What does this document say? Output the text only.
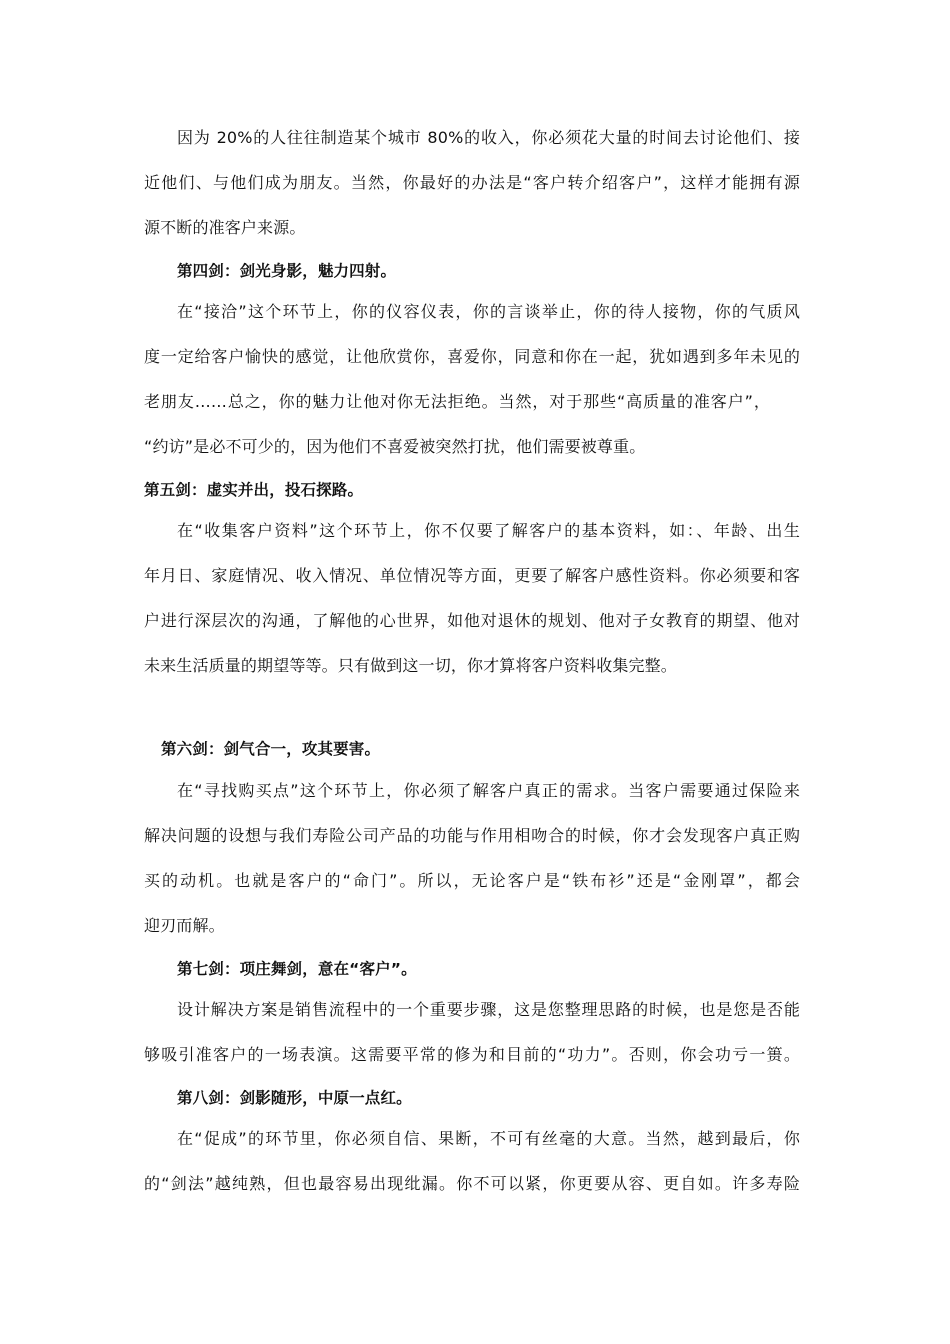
因为 20%的人往往制造某个城市 80%的收入，你必须花大量的时间去讨论他们、接
近他们、与他们成为朋友。当然，你最好的办法是“客户转介绍客户”，这样才能拥有源
源不断的准客户来源。
第四剑：剑光身影，魅力四射。
在“接洽”这个环节上，你的仪容仪表，你的言谈举止，你的待人接物，你的气质风
度一定给客户愉快的感觉，让他欣赏你，喜爱你，同意和你在一起，犹如遇到多年未见的
老朋友……总之，你的魅力让他对你无法拒绝。当然，对于那些“高质量的准客户”，
“约访”是必不可少的，因为他们不喜爱被突然打扰，他们需要被尊重。
第五剑：虚实并出，投石探路。
在“收集客户资料”这个环节上，你不仅要了解客户的基本资料，如：、年龄、出生
年月日、家庭情况、收入情况、单位情况等方面，更要了解客户感性资料。你必须要和客
户进行深层次的沟通，了解他的心世界，如他对退休的规划、他对子女教育的期望、他对
未来生活质量的期望等等。只有做到这一切，你才算将客户资料收集完整。
第六剑：剑气合一，攻其要害。
在“寻找购买点”这个环节上，你必须了解客户真正的需求。当客户需要通过保险来
解决问题的设想与我们寿险公司产品的功能与作用相吻合的时候，你才会发现客户真正购
买的动机。也就是客户的“命门”。所以，无论客户是“铁布衫”还是“金刚罩”，都会
迎刃而解。
第七剑：项庄舞剑，意在“客户”。
设计解决方案是销售流程中的一个重要步骤，这是您整理思路的时候，也是您是否能
够吸引准客户的一场表演。这需要平常的修为和目前的“功力”。否则，你会功亏一篑。
第八剑：剑影随形，中原一点红。
在“促成”的环节里，你必须自信、果断，不可有丝毫的大意。当然，越到最后，你
的“剑法”越纯熟，但也最容易出现纰漏。你不可以紧，你更要从容、更自如。许多寿险
